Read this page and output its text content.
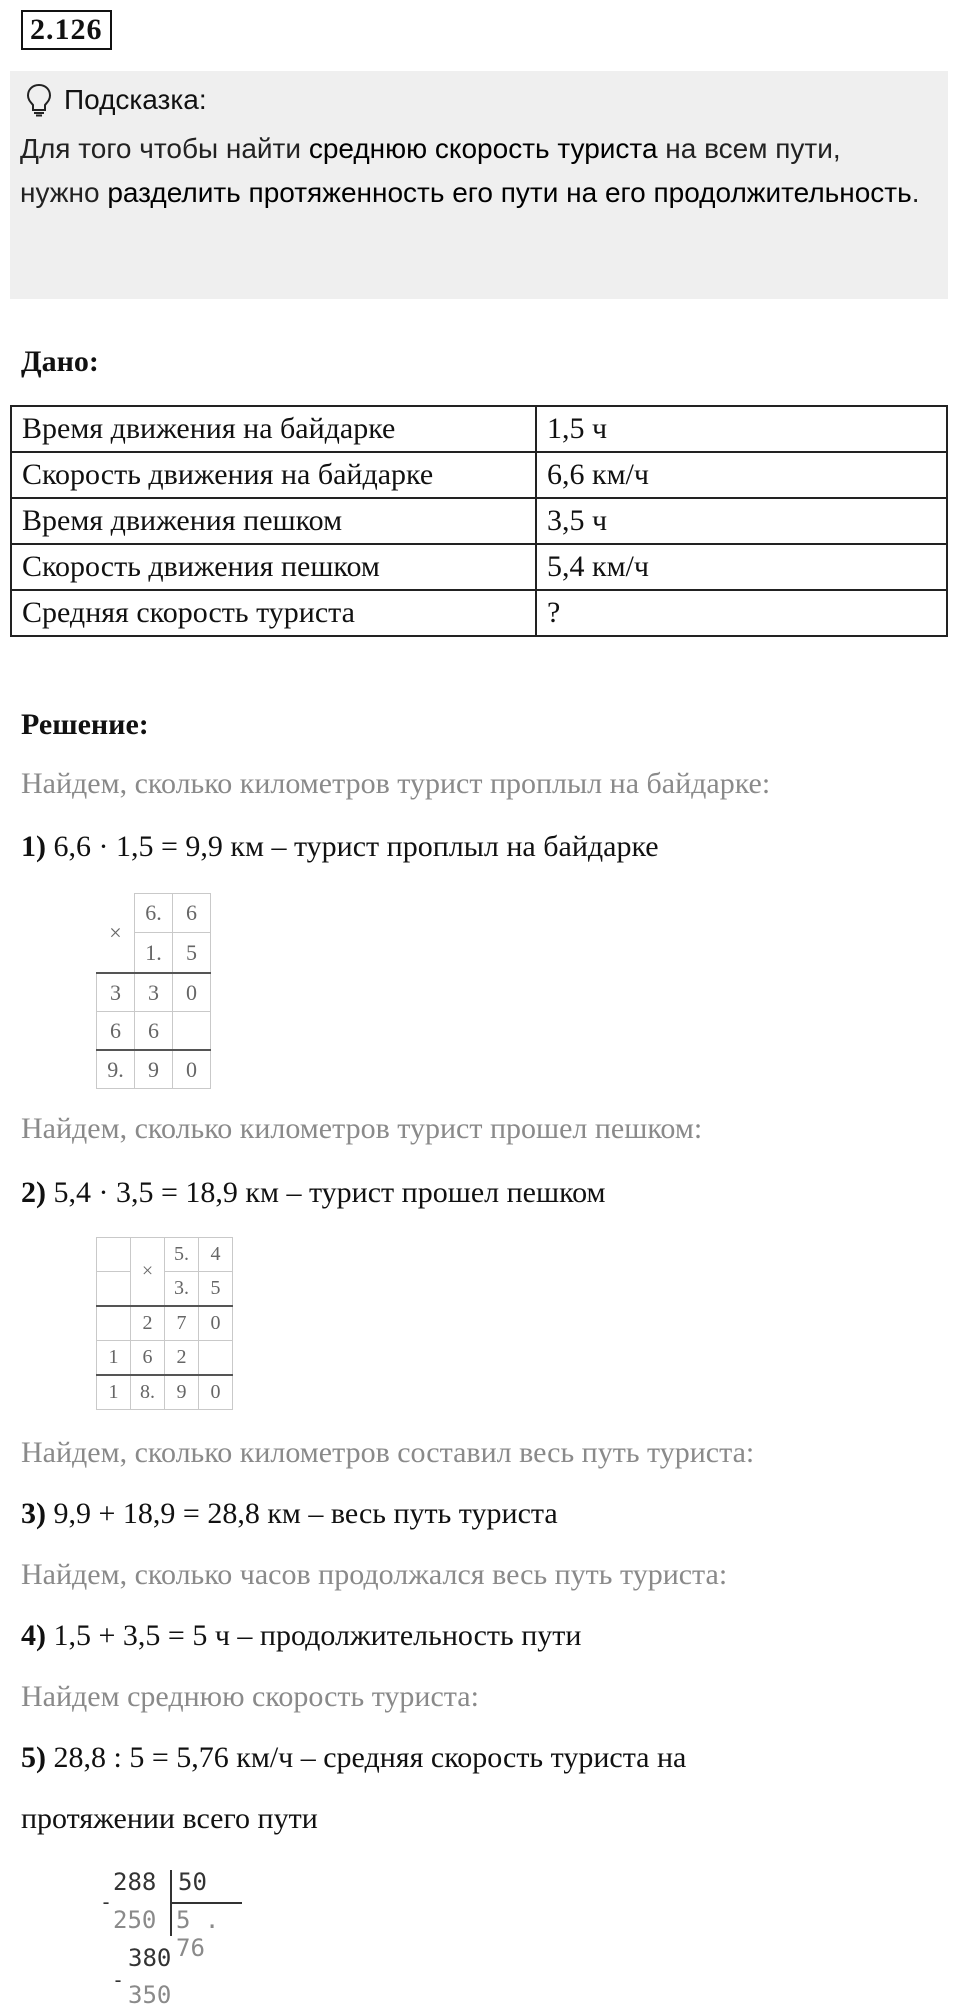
2.126
Подсказка:
Для того чтобы найти среднюю скорость туриста на всем пути, нужно разделить протяженность его пути на его продолжительность.
Дано:
Время движения на байдарке	1,5 ч
Скорость движения на байдарке	6,6 км/ч
Время движения пешком	3,5 ч
Скорость движения пешком	5,4 км/ч
Средняя скорость туриста	?
Решение:
Найдем, сколько километров турист проплыл на байдарке:
1) 6,6 · 1,5 = 9,9 км – турист проплыл на байдарке
×	6.	6
	1.	5
3	3	0
6	6	
9.	9	0
Найдем, сколько километров турист прошел пешком:
2) 5,4 · 3,5 = 18,9 км – турист прошел пешком
	×	5.	4
		3.	5
	2	7	0
1	6	2	
1	8.	9	0
Найдем, сколько километров составил весь путь туриста:
3) 9,9 + 18,9 = 28,8 км – весь путь туриста
Найдем, сколько часов продолжался весь путь туриста:
4) 1,5 + 3,5 = 5 ч – продолжительность пути
Найдем среднюю скорость туриста:
5) 28,8 : 5 = 5,76 км/ч – средняя скорость туриста на
протяжении всего пути
288 50
-
250 5 . 76
380
-
350
